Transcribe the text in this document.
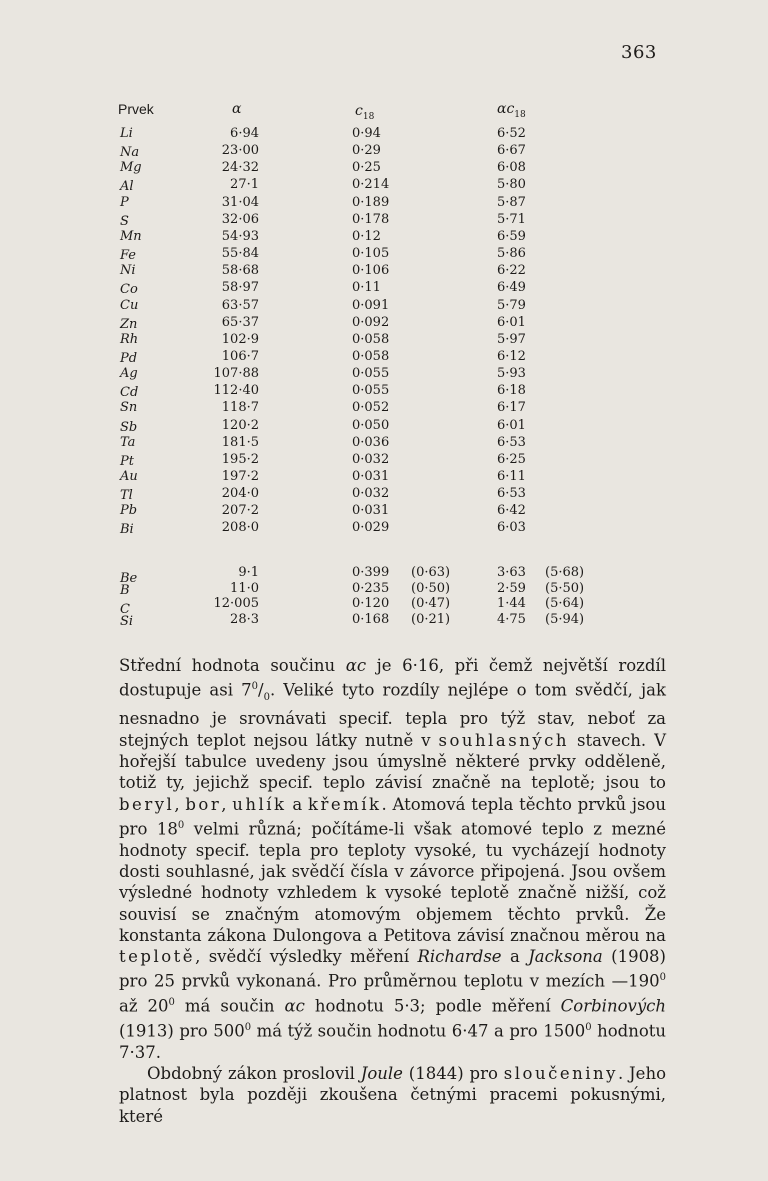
363
Prvek	α	$c_{18}$	$\alpha c_{18}$
Li	6·94	0·94	6·52
Na	23·00	0·29	6·67
Mg	24·32	0·25	6·08
Al	27·1	0·214	5·80
P	31·04	0·189	5·87
S	32·06	0·178	5·71
Mn	54·93	0·12	6·59
Fe	55·84	0·105	5·86
Ni	58·68	0·106	6·22
Co	58·97	0·11	6·49
Cu	63·57	0·091	5·79
Zn	65·37	0·092	6·01
Rh	102·9	0·058	5·97
Pd	106·7	0·058	6·12
Ag	107·88	0·055	5·93
Cd	112·40	0·055	6·18
Sn	118·7	0·052	6·17
Sb	120·2	0·050	6·01
Ta	181·5	0·036	6·53
Pt	195·2	0·032	6·25
Au	197·2	0·031	6·11
Tl	204·0	0·032	6·53
Pb	207·2	0·031	6·42
Bi	208·0	0·029	6·03
Be	9·1	0·399 (0·63)	3·63 (5·68)
B	11·0	0·235 (0·50)	2·59 (5·50)
C	12·005	0·120 (0·47)	1·44 (5·64)
Si	28·3	0·168 (0·21)	4·75 (5·94)

Střední hodnota součinu αc je 6·16, při čemž největší rozdíl dostupuje asi $7^0/_0$. Veliké tyto rozdíly nejlépe o tom svědčí, jak nesnadno je srovnávati specif. tepla pro týž stav, neboť za stejných teplot nejsou látky nutně v souhlasných stavech. V hořejší tabulce uvedeny jsou úmyslně některé prvky odděleně, totiž ty, jejichž specif. teplo závisí značně na teplotě; jsou to beryl, bor, uhlík a křemík. Atomová tepla těchto prvků jsou pro $18^0$ velmi různá; počítáme-li však atomové teplo z mezné hodnoty specif. tepla pro teploty vysoké, tu vycházejí hodnoty dosti souhlasné, jak svědčí čísla v závorce připojená. Jsou ovšem výsledné hodnoty vzhledem k vysoké teplotě značně nižší, což souvisí se značným atomovým objemem těchto prvků. Že konstanta zákona Dulongova a Petitova závisí značnou měrou na teplotě, svědčí výsledky měření Richardse a Jacksona (1908) pro 25 prvků vykonaná. Pro průměrnou teplotu v mezích $—190^0$ až $20^0$ má součin αc hodnotu 5·3; podle měření Corbinových (1913) pro $500^0$ má týž součin hodnotu 6·47 a pro 1500$^0$ hodnotu 7·37.

Obdobný zákon proslovil Joule (1844) pro sloučeniny. Jeho platnost byla později zkoušena četnými pracemi pokusnými, které
